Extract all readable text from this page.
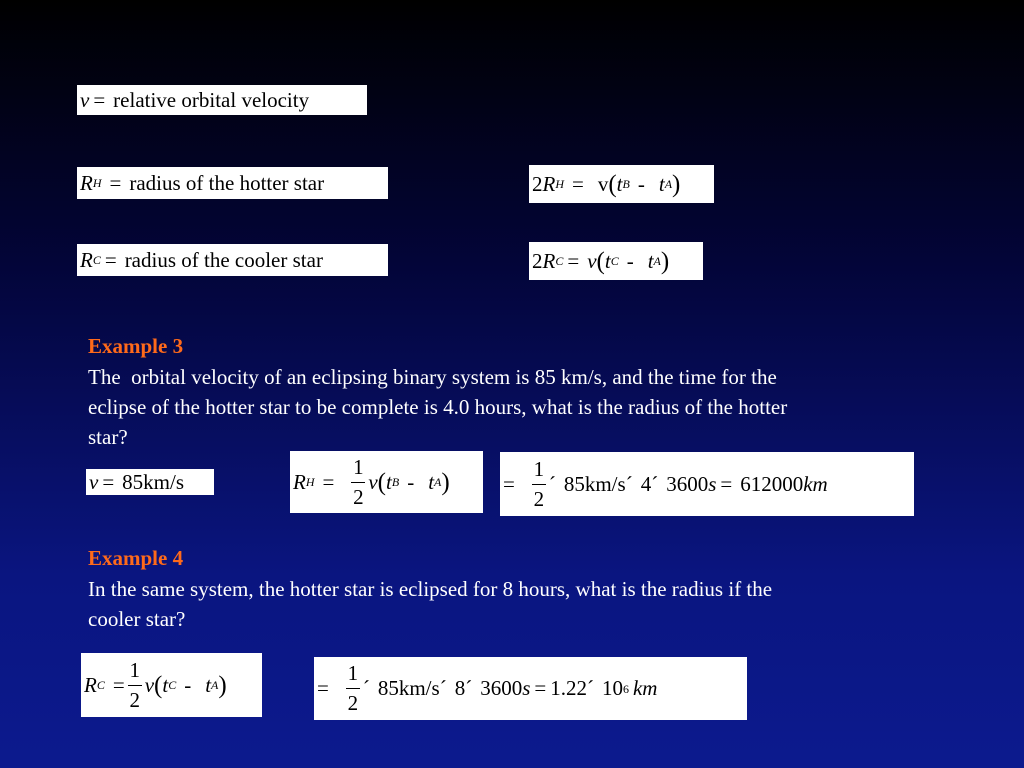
v = relative orbital velocity
R H = radius of the hotter star
R C = radius of the cooler star
2 R H = v ( t B - t A )
2 R C = v ( t C - t A )
Example 3
The  orbital velocity of an eclipsing binary system is 85 km/s, and the time for the
eclipse of the hotter star to be complete is 4.0 hours, what is the radius of the hotter
star?
v = 85km/s	R $H = \frac{1}{2}$ v ( t B - t A )	= $\frac{1}{2}$ ´ 85km/s ´ 4 ´ 3600 s = 612000 km
Example 4
In the same system, the hotter star is eclipsed for 8 hours, what is the radius if the
cooler star?
R $C = \frac{1}{2}$ v ( t C - t A )	= $\frac{1}{2}$ ´ 85km/s ´ 8 ´ 3600 s = 1.22 ´ 10 6 km
